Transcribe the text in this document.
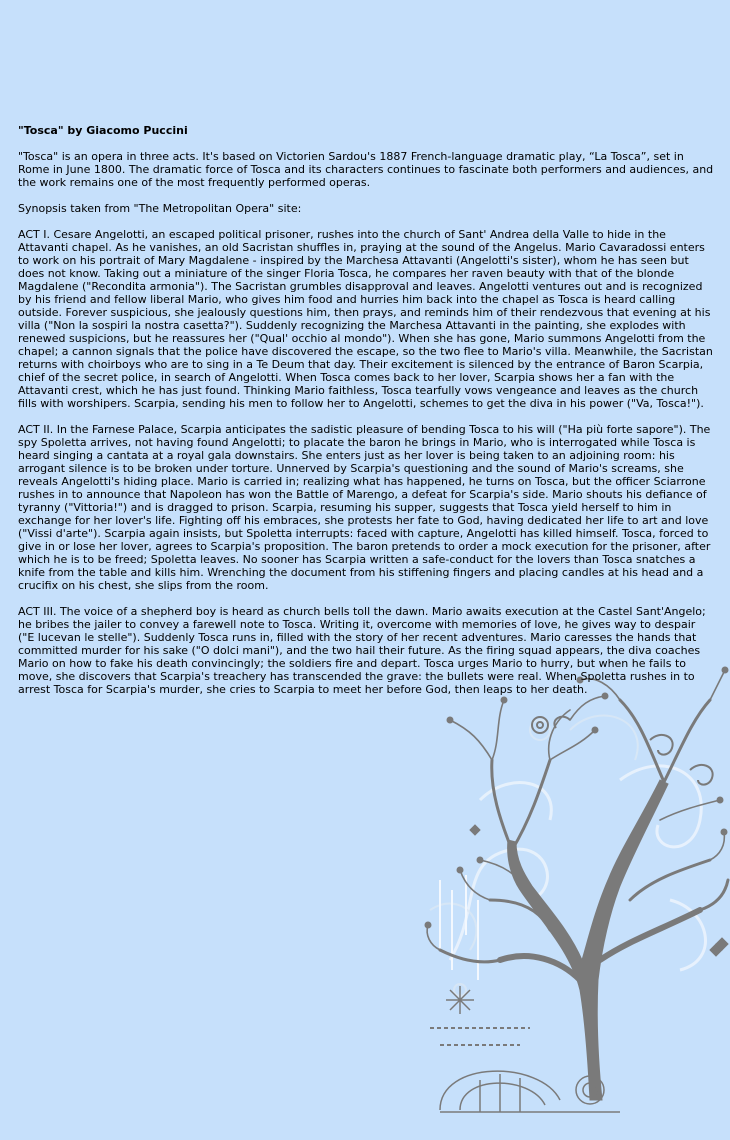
"Tosca" by Giacomo Puccini

"Tosca" is an opera in three acts. It's based on Victorien Sardou's 1887 French-language dramatic play, “La Tosca”, set in Rome in June 1800. The dramatic force of Tosca and its characters continues to fascinate both performers and audiences, and the work remains one of the most frequently performed operas.

Synopsis taken from "The Metropolitan Opera" site:

ACT I. Cesare Angelotti, an escaped political prisoner, rushes into the church of Sant' Andrea della Valle to hide in the Attavanti chapel. As he vanishes, an old Sacristan shuffles in, praying at the sound of the Angelus. Mario Cavaradossi enters to work on his portrait of Mary Magdalene - inspired by the Marchesa Attavanti (Angelotti's sister), whom he has seen but does not know. Taking out a miniature of the singer Floria Tosca, he compares her raven beauty with that of the blonde Magdalene ("Recondita armonia"). The Sacristan grumbles disapproval and leaves. Angelotti ventures out and is recognized by his friend and fellow liberal Mario, who gives him food and hurries him back into the chapel as Tosca is heard calling outside. Forever suspicious, she jealously questions him, then prays, and reminds him of their rendezvous that evening at his villa ("Non la sospiri la nostra casetta?"). Suddenly recognizing the Marchesa Attavanti in the painting, she explodes with renewed suspicions, but he reassures her ("Qual' occhio al mondo"). When she has gone, Mario summons Angelotti from the chapel; a cannon signals that the police have discovered the escape, so the two flee to Mario's villa. Meanwhile, the Sacristan returns with choirboys who are to sing in a Te Deum that day. Their excitement is silenced by the entrance of Baron Scarpia, chief of the secret police, in search of Angelotti. When Tosca comes back to her lover, Scarpia shows her a fan with the Attavanti crest, which he has just found. Thinking Mario faithless, Tosca tearfully vows vengeance and leaves as the church fills with worshipers. Scarpia, sending his men to follow her to Angelotti, schemes to get the diva in his power ("Va, Tosca!").

ACT II. In the Farnese Palace, Scarpia anticipates the sadistic pleasure of bending Tosca to his will ("Ha più forte sapore"). The spy Spoletta arrives, not having found Angelotti; to placate the baron he brings in Mario, who is interrogated while Tosca is heard singing a cantata at a royal gala downstairs. She enters just as her lover is being taken to an adjoining room: his arrogant silence is to be broken under torture. Unnerved by Scarpia's questioning and the sound of Mario's screams, she reveals Angelotti's hiding place. Mario is carried in; realizing what has happened, he turns on Tosca, but the officer Sciarrone rushes in to announce that Napoleon has won the Battle of Marengo, a defeat for Scarpia's side. Mario shouts his defiance of tyranny ("Vittoria!") and is dragged to prison. Scarpia, resuming his supper, suggests that Tosca yield herself to him in exchange for her lover's life. Fighting off his embraces, she protests her fate to God, having dedicated her life to art and love ("Vissi d'arte"). Scarpia again insists, but Spoletta interrupts: faced with capture, Angelotti has killed himself. Tosca, forced to give in or lose her lover, agrees to Scarpia's proposition. The baron pretends to order a mock execution for the prisoner, after which he is to be freed; Spoletta leaves. No sooner has Scarpia written a safe-conduct for the lovers than Tosca snatches a knife from the table and kills him. Wrenching the document from his stiffening fingers and placing candles at his head and a crucifix on his chest, she slips from the room.

ACT III. The voice of a shepherd boy is heard as church bells toll the dawn. Mario awaits execution at the Castel Sant'Angelo; he bribes the jailer to convey a farewell note to Tosca. Writing it, overcome with memories of love, he gives way to despair ("E lucevan le stelle"). Suddenly Tosca runs in, filled with the story of her recent adventures. Mario caresses the hands that committed murder for his sake ("O dolci mani"), and the two hail their future. As the firing squad appears, the diva coaches Mario on how to fake his death convincingly; the soldiers fire and depart. Tosca urges Mario to hurry, but when he fails to move, she discovers that Scarpia's treachery has transcended the grave: the bullets were real. When Spoletta rushes in to arrest Tosca for Scarpia's murder, she cries to Scarpia to meet her before God, then leaps to her death.
